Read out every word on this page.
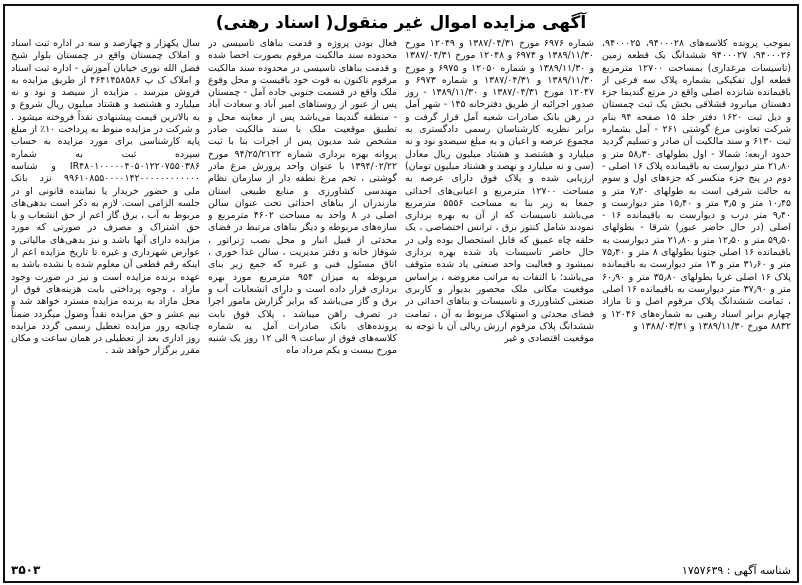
آگهی مزایده اموال غیر منقول( اسناد رهنی)
بموجب پرونده کلاسه‌های ۹۴۰۰۰۲۸، ۹۴۰۰۰۲۵، ۹۴۰۰۰۲۶، ۹۴۰۰۰۲۷ ششدانگ یک قطعه زمین (تاسیسات مرغداری) بمساحت ۱۲۷۰۰ مترمربع قطعه اول تفکیکی بشماره پلاک سه فرعی از باقیمانده شانزده اصلی واقع در مرتع گندیما جزء دهستان میانرود قشلاقی بخش یک ثبت چمستان و ذیل ثبت ۱۶۲۰ دفتر جلد ۱۵ صفحه ۹۴ بنام شرکت تعاونی مرغ گوشتی ۲۶۱ - آمل بشماره ثبت ۶۱۳۰ و سند مالکیت آن صادر و تسلیم گردید حدود اربعه: شمالا - اول بطولهای ۵۸٫۳۰ متر و ۲۱٫۸۰ متر دیوارست به باقیمانده پلاک ۱۶ اصلی - دوم در پنج جزء منکسر که جزءهای اول و سوم به حالت شرقی است به طولهای ۷٫۲۰ متر و ۱۰٫۴۵ متر و ۳٫۵ متر و ۱۵٫۴۰ متر دیوارست و ۹٫۴۰ متر درب و دیوارست به باقیمانده ۱۶ - اصلی (در حال حاضر عبور) شرقا - بطولهای ۵۹٫۵۰ متر و ۱۲٫۵۰ متر و ۲۱٫۸۰ متر دیوارست به باقیمانده ۱۶ اصلی جنوبا بطولهای ۸ متر و ۷۵٫۴۰ متر و ۳۱٫۶۰ متر و ۱۳ متر دیوارست به باقیمانده پلاک ۱۶ اصلی غربا بطولهای ۳۵٫۸۰ متر و ۶۰٫۹۰ متر و ۳۷٫۹۰ متر دیوارست به باقیمانده ۱۶ اصلی ، تمامت ششدانگ پلاک مرقوم اصل و تا مازاد چهارم برابر اسناد رهنی به شماره‌های ۱۲۰۴۶ و ۸۸۳۲ مورخ ۱۳۸۹/۱۱/۳۰ و ۱۳۸۸/۰۳/۳۱ و
شماره ۶۹۷۶ مورخ ۱۳۸۷/۰۴/۳۱ و ۱۲۰۴۹ مورخ ۱۳۸۹/۱۱/۳۰ و ۶۹۷۴ و ۱۲۰۴۸ مورخ ۱۳۸۷/۰۴/۳۱ و ۱۳۸۹/۱۱/۳۰ و شماره ۱۲۰۵۰ و ۶۹۷۵ و مورخ ۱۳۸۹/۱۱/۳۰ و ۱۳۸۷/۰۴/۳۱ و شماره ۶۹۷۳ و ۱۲۰۴۷ مورخ ۱۳۸۷/۰۴/۳۱ و ۱۳۸۹/۱۱/۳۰ - روز صدور اجرائیه از طریق دفترخانه ۱۴۵ - شهر آمل در رهن بانک صادرات شعبه آمل قرار گرفت و برابر نظریه کارشناسان رسمی دادگستری به مجموع عرصه و اعیان و به مبلغ سیصدو نود و نه میلیارد و هشتصد و هشتاد میلیون ریال معادل (سی و نه میلیارد و نهصد و هشتاد میلیون تومان) ارزیابی شده و پلاک فوق دارای عرصه به مساحت ۱۲۷۰۰ مترمربع و اعیانی‌های احداثی جمعا به زیر بنا به مساحت ۵۵۵۶ مترمربع می‌باشد تاسیسات که از آن به بهره برداری نمودند شامل کنتور برق ، ترانس اختصاصی ، یک حلقه چاه عمیق که قابل استحصال بوده ولی در حال حاضر تاسیسات یاد شده بهره برداری نمیشود و فعالیت واحد صنعتی یاد شده متوقف می‌باشد؛ با التفات به مراتب معروضه ، براساس موقعیت مکانی ملک محصور بدیوار و کاربری صنعتی کشاورزی و تاسیسات و بناهای احداثی در فضای محدثی و استهلاک مربوط به آن ، تمامت ششدانگ پلاک مرقوم ارزش ریالی آن با توجه به موقعیت اقتصادی و غیر
فعال بودن پروژه و قدمت بناهای تاسیسی در محدوده سند مالکیت مرقوم بصورت احصا شده و قدمت بناهای تاسیسی در محدوده سند مالکیت مرقوم تاکنون به قوت خود باقیست و محل وقوع ملک واقع در قسمت جنوبی جاده آمل - چمستان پس از عبور از روستاهای امیر آباد و سعادت آباد - منطقه گندیما می‌باشد پس از معاینه محل و تطبیق موقعیت ملک با سند مالکیت صادر مشخص شد مدیون پس از اجرات بنا با ثبت پروانه بهره برداری شماره ۹۴/۲۵/۲۱۲۲ مورخ ۱۳۹۴/۰۲/۲۲ با عنوان واحد پرورش مرغ مادر گوشتی ، تخم مرغ نطفه دار از سازمان نظام مهندسی کشاورزی و منابع طبیعی استان مازندران از بناهای احداثی تحت عنوان سالن اصلی در ۸ واحد به مساحت ۴۶۰۲ مترمربع و سازه‌های مربوطه و دیگر بناهای مرتبط در فضای محدثی از قبیل انبار و محل نصب ژنراتور ، شوفاژ خانه و دفتر مدیریت ، سالن غذا خوری ، اتاق مسئول فنی و غیره که جمع زیر بنای مربوطه به میزان ۹۵۴ مترمربع مورد بهره برداری قرار داده است و دارای انشعابات آب و برق و گاز می‌باشد که برابر گزارش مامور اجرا در تصرف راهن میباشد ، پلاک فوق بابت پرونده‌های بانک صادرات آمل به شماره کلاسه‌های فوق از ساعت ۹ الی ۱۲ روز یک شنبه مورخ بیست و یکم مرداد ماه
سال یکهزار و چهارصد و سه در اداره ثبت اسناد و املاک چمستان واقع در چمستان بلوار شیخ فضل الله نوری خیابان آموزش - اداره ثبت اسناد و املاک ک پ ۴۶۴۱۴۵۸۵۸۶ از طریق مزایده به فروش میرسد . مزایده از سیصد و نود و نه میلیارد و هشتصد و هشتاد میلیون ریال شروع و به بالاترین قیمت پیشنهادی نقداً فروخته میشود . و شرکت در مزایده منوط به پرداخت ۱۰٪ از مبلغ پایه کارشناسی برای مورد مزایده به حساب سپرده ثبت به شماره IR۴۸۰۱۰۰۰۰۰۴۰۵۰۱۲۲۰۷۵۵۰۳۸۶ و شناسه ۹۹۶۱۰۸۵۵۰۰۰۰۱۴۲۰۰۰۰۰۰۰۰۰۰۰۰ نزد بانک ملی و حضور خریدار یا نماینده قانونی او در جلسه الزامی است. لازم به ذکر است بدهی‌های مربوط به آب ، برق گاز اعم از حق انشعاب و یا حق اشتراک و مصرف در صورتی که مورد مزایده دارای آنها باشد و نیز بدهی‌های مالیاتی و عوارض شهرداری و غیره تا تاریخ مزایده اعم از اینکه رقم قطعی آن معلوم شده یا نشده باشد به عهده برنده مزایده است و نیز در صورت وجود مازاد ، وجوه پرداختی بابت هزینه‌های فوق از محل مازاد به برنده مزایده مسترد خواهد شد و نیم عشر و حق مزایده نقداً وصول میگردد ضمناً چنانچه روز مزایده تعطیل رسمی گردد مزایده روز اداری بعد از تعطیلی در همان ساعت و مکان مقرر برگزار خواهد شد .
شناسه آگهی : ۱۷۵۷۶۳۹
۳۵۰۳
